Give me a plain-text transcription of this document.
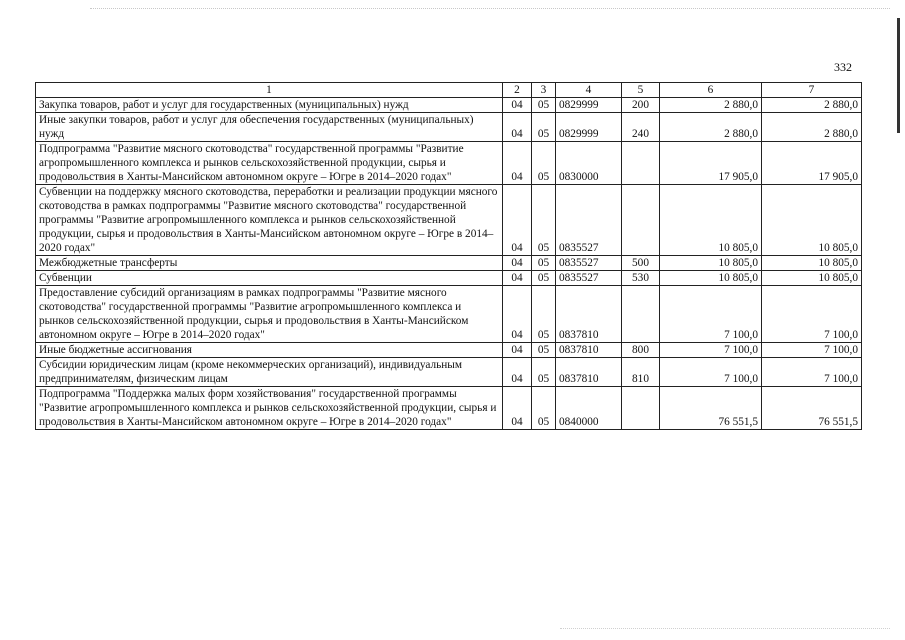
332
1	2	3	4	5	6	7
Закупка товаров, работ и услуг для государственных (муниципальных) нужд	04	05	0829999	200	2 880,0	2 880,0
Иные закупки товаров, работ и услуг для обеспечения государственных (муниципальных) нужд	04	05	0829999	240	2 880,0	2 880,0
Подпрограмма "Развитие мясного скотоводства" государственной программы "Развитие агропромышленного комплекса и рынков сельскохозяйственной продукции, сырья и продовольствия в Ханты-Мансийском автономном округе – Югре в 2014–2020 годах"	04	05	0830000		17 905,0	17 905,0
Субвенции на поддержку мясного скотоводства, переработки и реализации продукции мясного скотоводства в рамках подпрограммы "Развитие мясного скотоводства" государственной программы "Развитие агропромышленного комплекса и рынков сельскохозяйственной продукции, сырья и продовольствия в Ханты-Мансийском автономном округе – Югре в 2014–2020 годах"	04	05	0835527		10 805,0	10 805,0
Межбюджетные трансферты	04	05	0835527	500	10 805,0	10 805,0
Субвенции	04	05	0835527	530	10 805,0	10 805,0
Предоставление субсидий организациям в рамках подпрограммы "Развитие мясного скотоводства" государственной программы "Развитие агропромышленного комплекса и рынков сельскохозяйственной продукции, сырья и продовольствия в Ханты-Мансийском автономном округе – Югре в 2014–2020 годах"	04	05	0837810		7 100,0	7 100,0
Иные бюджетные ассигнования	04	05	0837810	800	7 100,0	7 100,0
Субсидии юридическим лицам (кроме некоммерческих организаций), индивидуальным предпринимателям, физическим лицам	04	05	0837810	810	7 100,0	7 100,0
Подпрограмма "Поддержка малых форм хозяйствования" государственной программы "Развитие агропромышленного комплекса и рынков сельскохозяйственной продукции, сырья и продовольствия в Ханты-Мансийском автономном округе – Югре в 2014–2020 годах"	04	05	0840000		76 551,5	76 551,5
